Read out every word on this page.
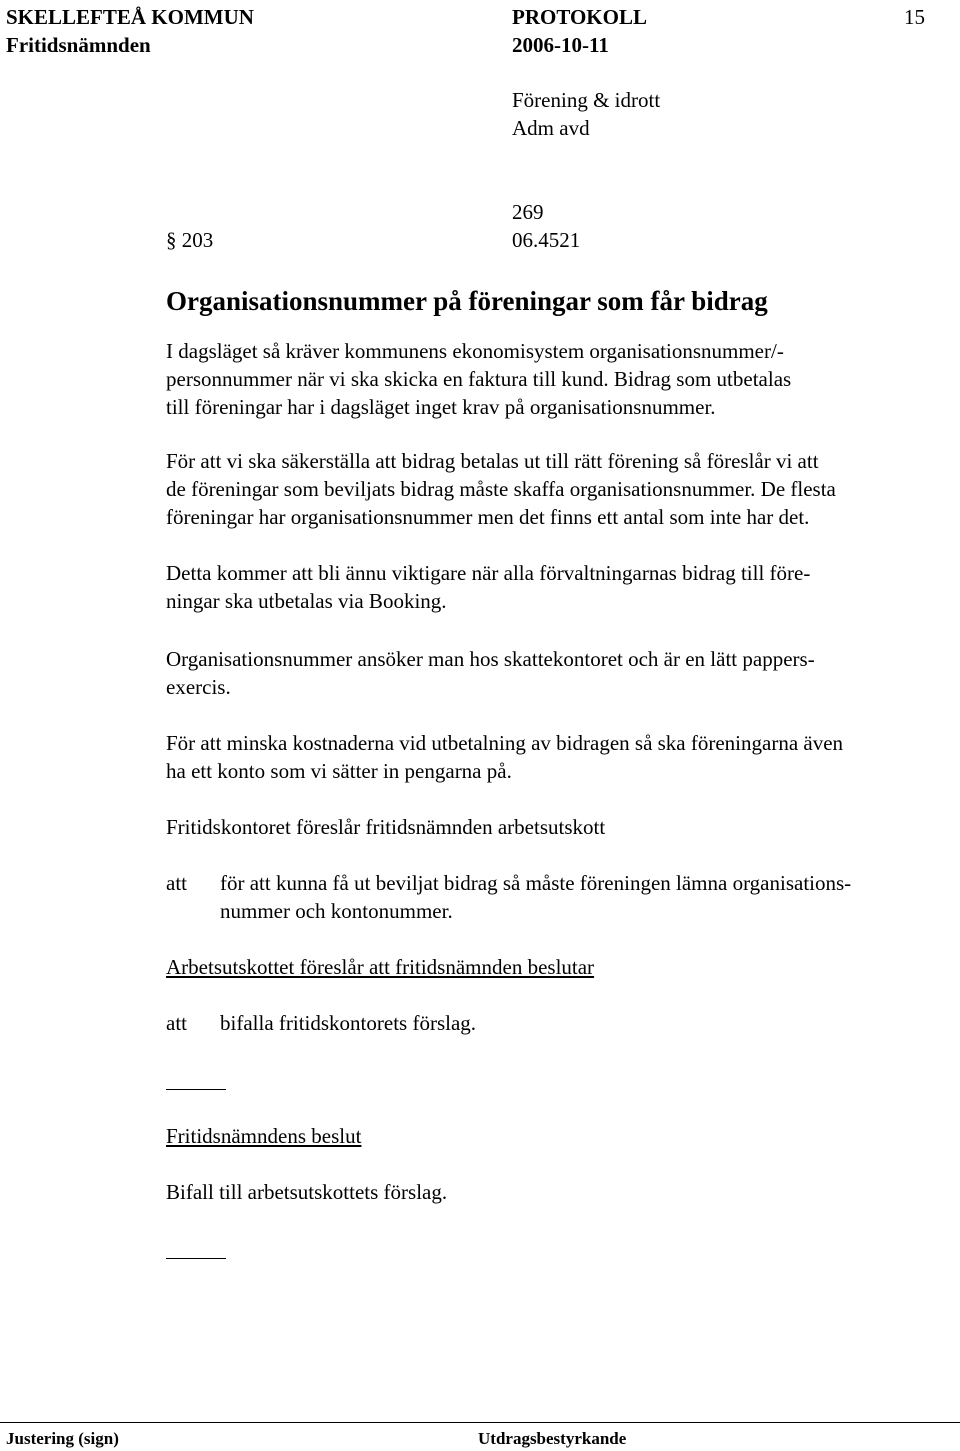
SKELLEFTEÅ KOMMUN	PROTOKOLL	15
Fritidsnämnden	2006-10-11
Förening & idrott
Adm avd
269
§ 203	06.4521
Organisationsnummer på föreningar som får bidrag
I dagsläget så kräver kommunens ekonomisystem organisationsnummer/-
personnummer när vi ska skicka en faktura till kund. Bidrag som utbetalas
till föreningar har i dagsläget inget krav på organisationsnummer.
För att vi ska säkerställa att bidrag betalas ut till rätt förening så föreslår vi att
de föreningar som beviljats bidrag måste skaffa organisationsnummer. De flesta
föreningar har organisationsnummer men det finns ett antal som inte har det.
Detta kommer att bli ännu viktigare när alla förvaltningarnas bidrag till före-
ningar ska utbetalas via Booking.
Organisationsnummer ansöker man hos skattekontoret och är en lätt pappers-
exercis.
För att minska kostnaderna vid utbetalning av bidragen så ska föreningarna även
ha ett konto som vi sätter in pengarna på.
Fritidskontoret föreslår fritidsnämnden arbetsutskott
att för att kunna få ut beviljat bidrag så måste föreningen lämna organisations-
nummer och kontonummer.
Arbetsutskottet föreslår att fritidsnämnden beslutar
att bifalla fritidskontorets förslag.
Fritidsnämndens beslut
Bifall till arbetsutskottets förslag.
Justering (sign)	Utdragsbestyrkande
